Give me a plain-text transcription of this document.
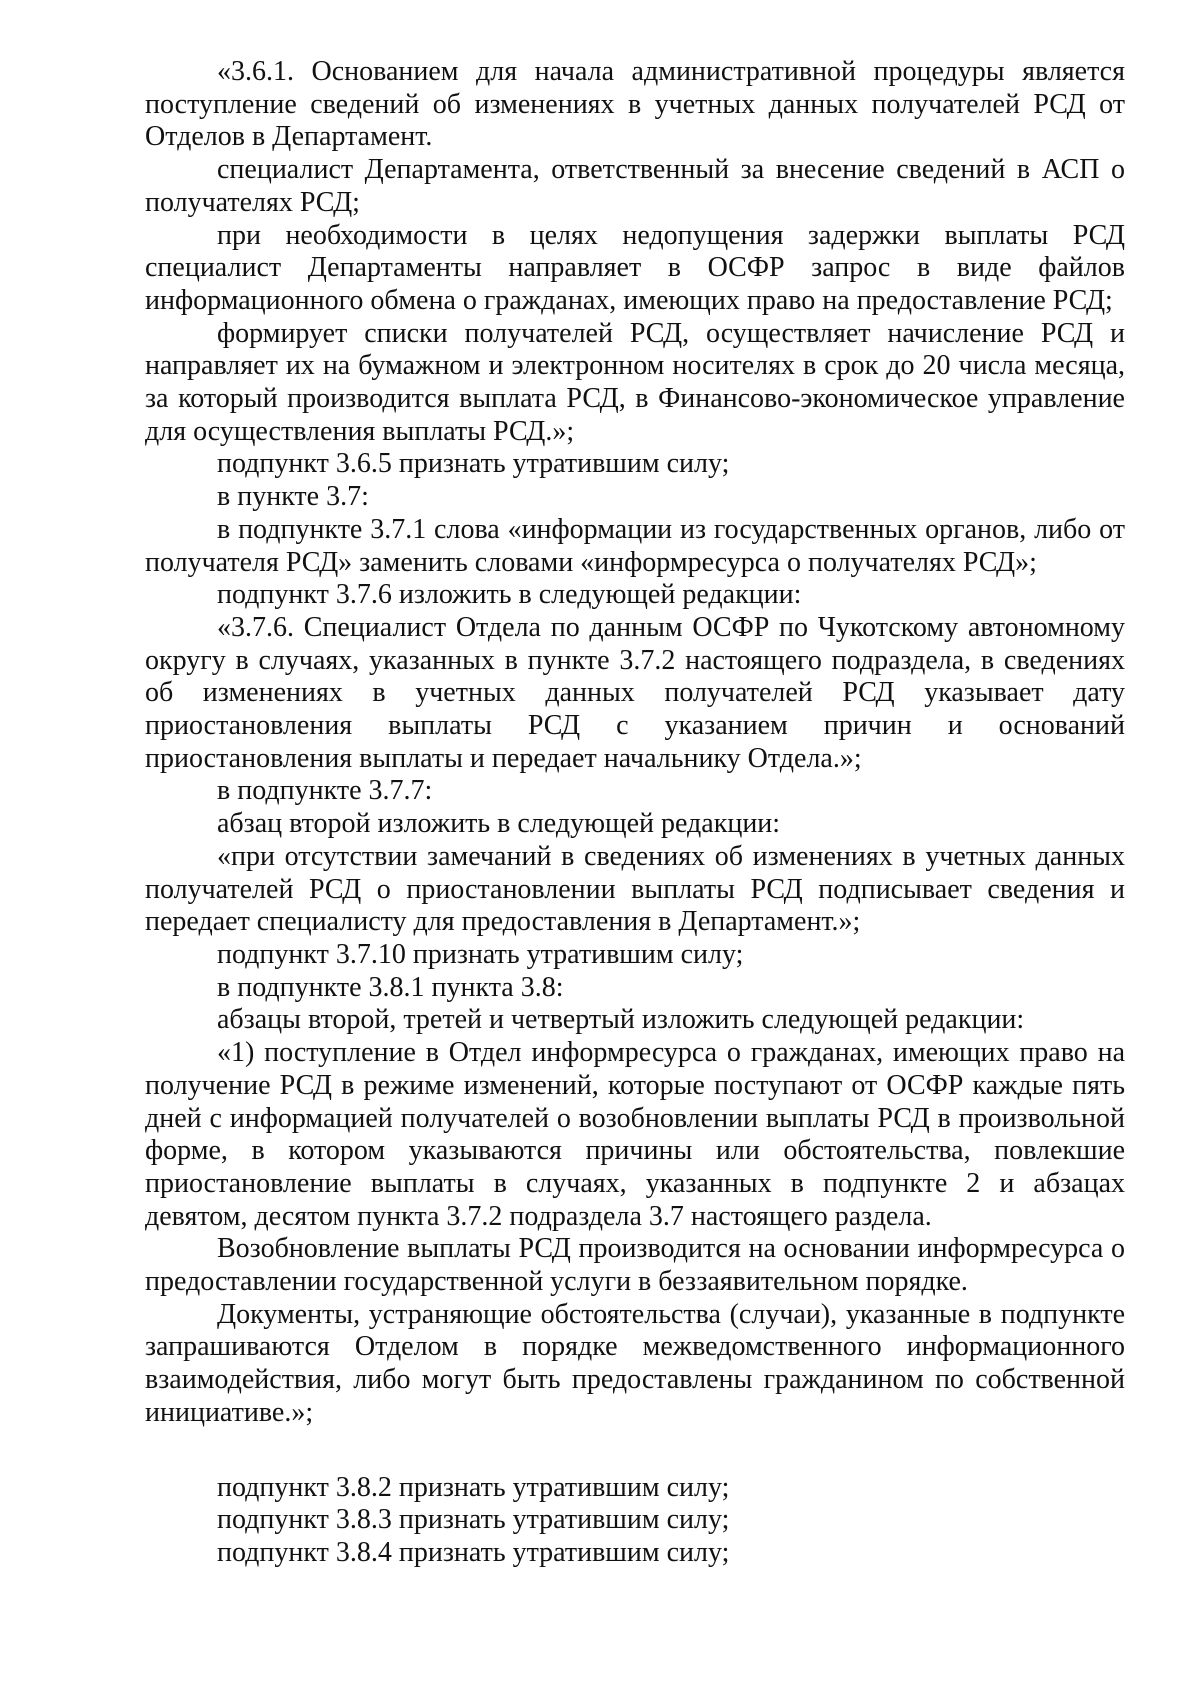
«3.6.1. Основанием для начала административной процедуры является поступление сведений об изменениях в учетных данных получателей РСД от Отделов в Департамент.

специалист Департамента, ответственный за внесение сведений в АСП о получателях РСД;

при необходимости в целях недопущения задержки выплаты РСД специалист Департаменты направляет в ОСФР запрос в виде файлов информационного обмена о гражданах, имеющих право на предоставление РСД;

формирует списки получателей РСД, осуществляет начисление РСД и направляет их на бумажном и электронном носителях в срок до 20 числа месяца, за который производится выплата РСД, в Финансово-экономическое управление для осуществления выплаты РСД.»;

подпункт 3.6.5 признать утратившим силу;

в пункте 3.7:

в подпункте 3.7.1 слова «информации из государственных органов, либо от получателя РСД» заменить словами «информресурса о получателях РСД»;

подпункт 3.7.6 изложить в следующей редакции:

«3.7.6. Специалист Отдела по данным ОСФР по Чукотскому автономному округу в случаях, указанных в пункте 3.7.2 настоящего подраздела, в сведениях об изменениях в учетных данных получателей РСД указывает дату приостановления выплаты РСД с указанием причин и оснований приостановления выплаты и передает начальнику Отдела.»;

в подпункте 3.7.7:

абзац второй изложить в следующей редакции:

«при отсутствии замечаний в сведениях об изменениях в учетных данных получателей РСД о приостановлении выплаты РСД подписывает сведения и передает специалисту для предоставления в Департамент.»;

подпункт 3.7.10 признать утратившим силу;

в подпункте 3.8.1 пункта 3.8:

абзацы второй, третей и четвертый изложить следующей редакции:

«1) поступление в Отдел информресурса о гражданах, имеющих право на получение РСД в режиме изменений, которые поступают от ОСФР каждые пять дней с информацией получателей о возобновлении выплаты РСД в произвольной форме, в котором указываются причины или обстоятельства, повлекшие приостановление выплаты в случаях, указанных в подпункте 2 и абзацах девятом, десятом пункта 3.7.2 подраздела 3.7 настоящего раздела.

Возобновление выплаты РСД производится на основании информресурса о предоставлении государственной услуги в беззаявительном порядке.

Документы, устраняющие обстоятельства (случаи), указанные в подпункте запрашиваются Отделом в порядке межведомственного информационного взаимодействия, либо могут быть предоставлены гражданином по собственной инициативе.»;

подпункт 3.8.2 признать утратившим силу;

подпункт 3.8.3 признать утратившим силу;

подпункт 3.8.4 признать утратившим силу;
